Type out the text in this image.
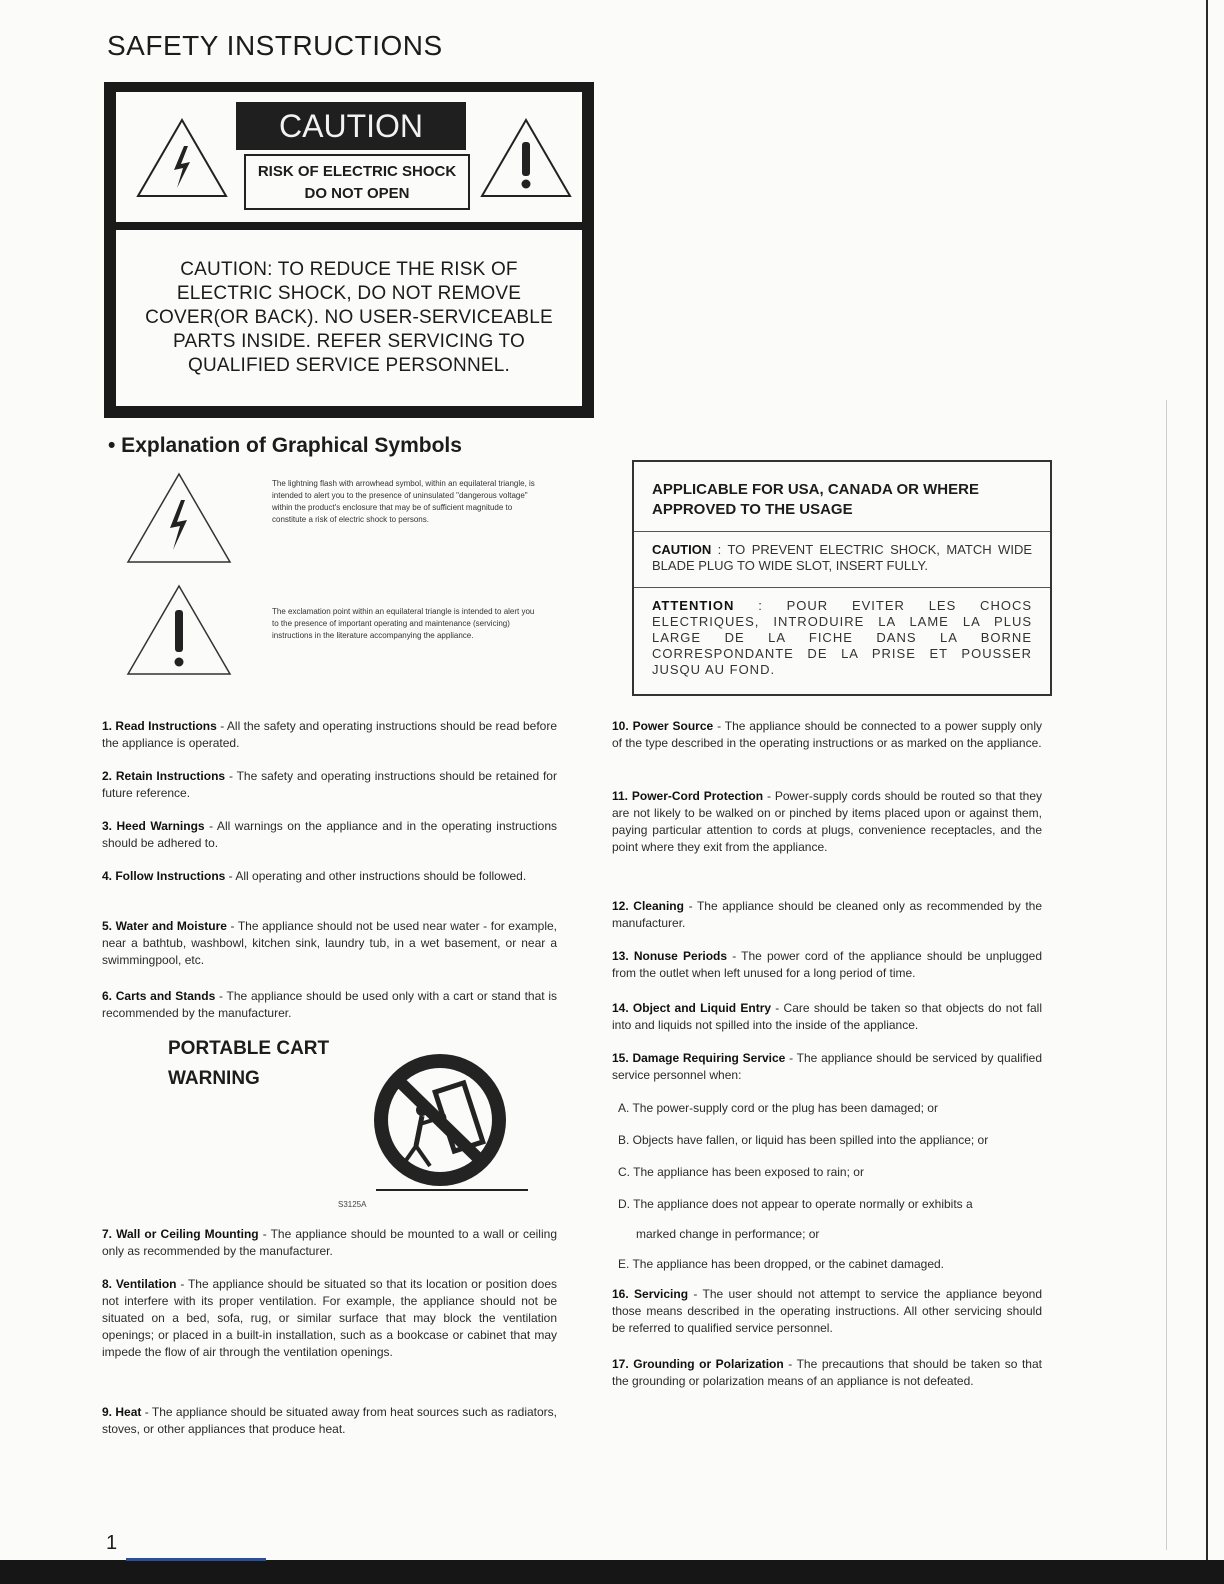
SAFETY INSTRUCTIONS
CAUTION
RISK OF ELECTRIC SHOCK
DO NOT OPEN
CAUTION: TO REDUCE THE RISK OF
ELECTRIC SHOCK, DO NOT REMOVE
COVER(OR BACK). NO USER-SERVICEABLE
PARTS INSIDE. REFER SERVICING TO
QUALIFIED SERVICE PERSONNEL.
• Explanation of Graphical Symbols
The lightning flash with arrowhead symbol, within an equilateral triangle, is intended to alert you to the presence of uninsulated "dangerous voltage" within the product's enclosure that may be of sufficient magnitude to constitute a risk of electric shock to persons.
The exclamation point within an equilateral triangle is intended to alert you to the presence of important operating and maintenance (servicing) instructions in the literature accompanying the appliance.
APPLICABLE FOR USA, CANADA OR WHERE APPROVED TO THE USAGE
CAUTION : TO PREVENT ELECTRIC SHOCK, MATCH WIDE BLADE PLUG TO WIDE SLOT, INSERT FULLY.
ATTENTION : POUR EVITER LES CHOCS ELECTRIQUES, INTRODUIRE LA LAME LA PLUS LARGE DE LA FICHE DANS LA BORNE CORRESPONDANTE DE LA PRISE ET POUSSER JUSQU AU FOND.
1. Read Instructions - All the safety and operating instructions should be read before the appliance is operated.
2. Retain Instructions - The safety and operating instructions should be retained for future reference.
3. Heed Warnings - All warnings on the appliance and in the operating instructions should be adhered to.
4. Follow Instructions - All operating and other instructions should be followed.
5. Water and Moisture - The appliance should not be used near water - for example, near a bathtub, washbowl, kitchen sink, laundry tub, in a wet basement, or near a swimmingpool, etc.
6. Carts and Stands - The appliance should be used only with a cart or stand that is recommended by the manufacturer.
7. Wall or Ceiling Mounting - The appliance should be mounted to a wall or ceiling only as recommended by the manufacturer.
8. Ventilation - The appliance should be situated so that its location or position does not interfere with its proper ventilation. For example, the appliance should not be situated on a bed, sofa, rug, or similar surface that may block the ventilation openings; or placed in a built-in installation, such as a bookcase or cabinet that may impede the flow of air through the ventilation openings.
9. Heat - The appliance should be situated away from heat sources such as radiators, stoves, or other appliances that produce heat.
PORTABLE CART
WARNING
S3125A
10. Power Source - The appliance should be connected to a power supply only of the type described in the operating instructions or as marked on the appliance.
11. Power-Cord Protection - Power-supply cords should be routed so that they are not likely to be walked on or pinched by items placed upon or against them, paying particular attention to cords at plugs, convenience receptacles, and the point where they exit from the appliance.
12. Cleaning - The appliance should be cleaned only as recommended by the manufacturer.
13. Nonuse Periods - The power cord of the appliance should be unplugged from the outlet when left unused for a long period of time.
14. Object and Liquid Entry - Care should be taken so that objects do not fall into and liquids not spilled into the inside of the appliance.
15. Damage Requiring Service - The appliance should be serviced by qualified service personnel when:
16. Servicing - The user should not attempt to service the appliance beyond those means described in the operating instructions. All other servicing should be referred to qualified service personnel.
17. Grounding or Polarization - The precautions that should be taken so that the grounding or polarization means of an appliance is not defeated.
A. The power-supply cord or the plug has been damaged; or
B. Objects have fallen, or liquid has been spilled into the appliance; or
C. The appliance has been exposed to rain; or
D. The appliance does not appear to operate normally or exhibits a
marked change in performance; or
E. The appliance has been dropped, or the cabinet damaged.
1
